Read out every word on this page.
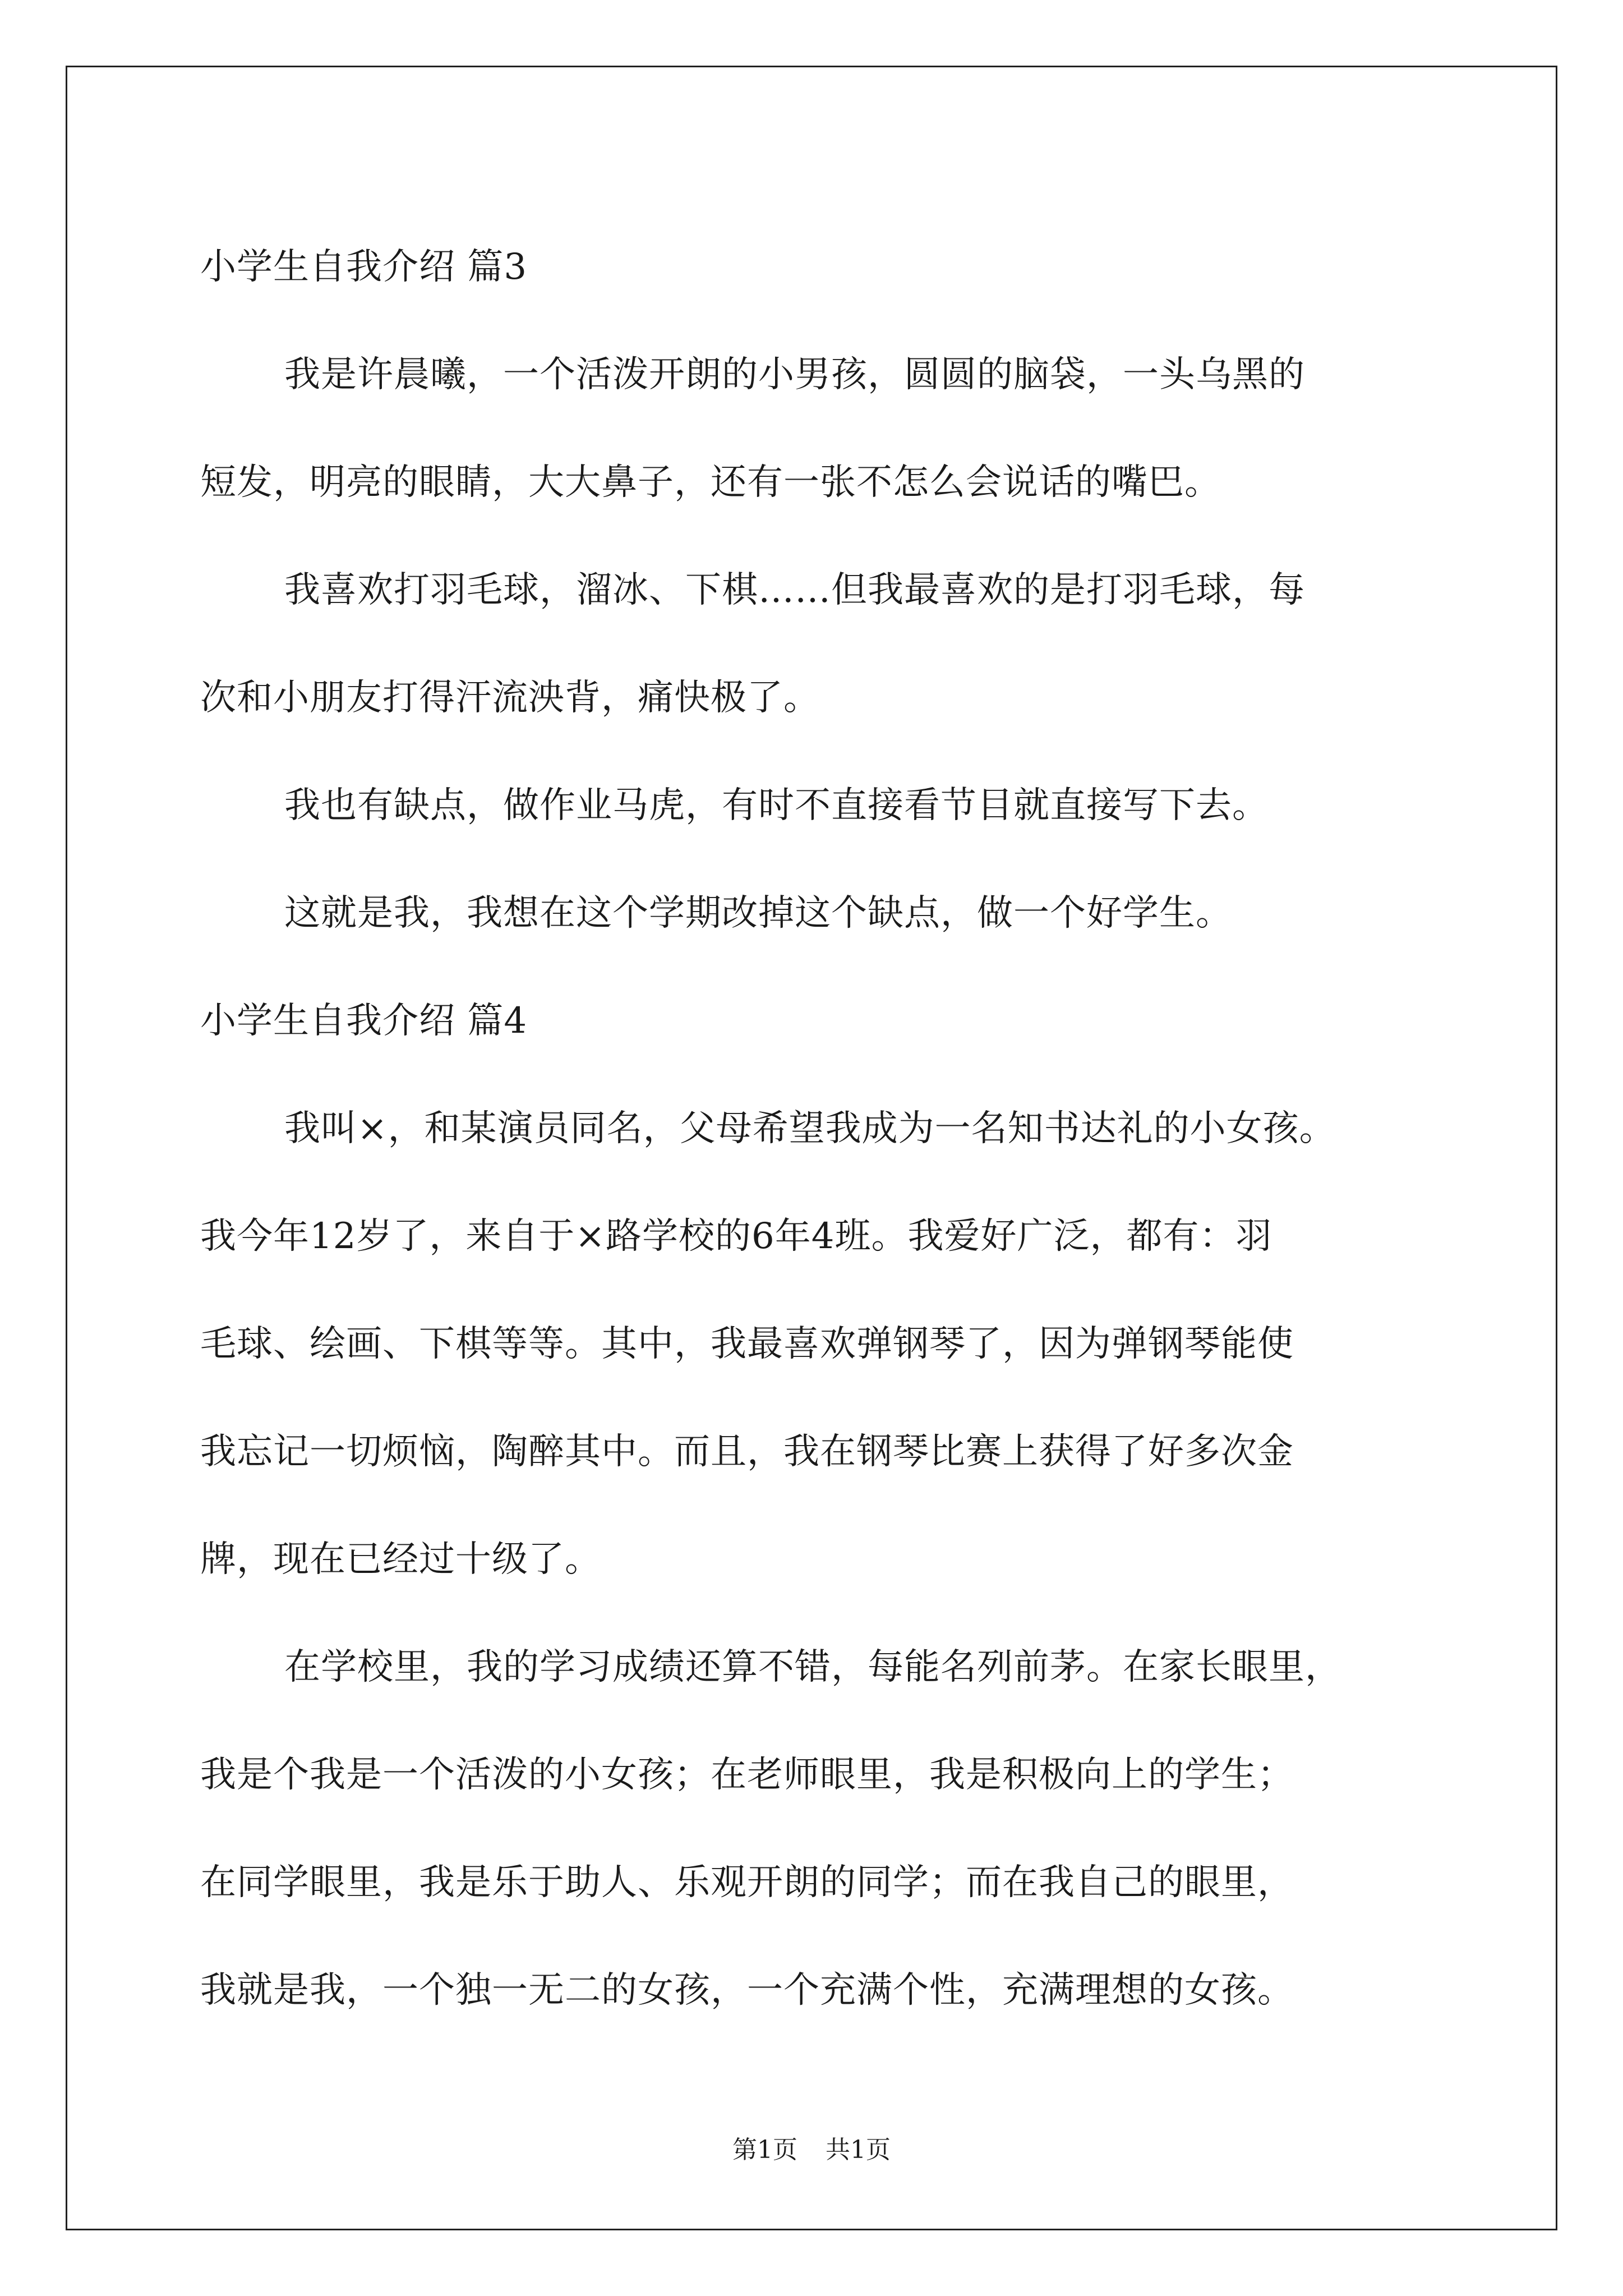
小学生自我介绍 篇3
我是许晨曦，一个活泼开朗的小男孩，圆圆的脑袋，一头乌黑的
短发，明亮的眼睛，大大鼻子，还有一张不怎么会说话的嘴巴。
我喜欢打羽毛球，溜冰、下棋……但我最喜欢的是打羽毛球，每
次和小朋友打得汗流泱背，痛快极了。
我也有缺点，做作业马虎，有时不直接看节目就直接写下去。
这就是我，我想在这个学期改掉这个缺点，做一个好学生。
小学生自我介绍 篇4
我叫×，和某演员同名，父母希望我成为一名知书达礼的小女孩。
我今年12岁了，来自于×路学校的6年4班。我爱好广泛，都有：羽
毛球、绘画、下棋等等。其中，我最喜欢弹钢琴了，因为弹钢琴能使
我忘记一切烦恼，陶醉其中。而且，我在钢琴比赛上获得了好多次金
牌，现在已经过十级了。
在学校里，我的学习成绩还算不错，每能名列前茅。在家长眼里，
我是个我是一个活泼的小女孩；在老师眼里，我是积极向上的学生；
在同学眼里，我是乐于助人、乐观开朗的同学；而在我自己的眼里，
我就是我，一个独一无二的女孩，一个充满个性，充满理想的女孩。
第1页 共1页
